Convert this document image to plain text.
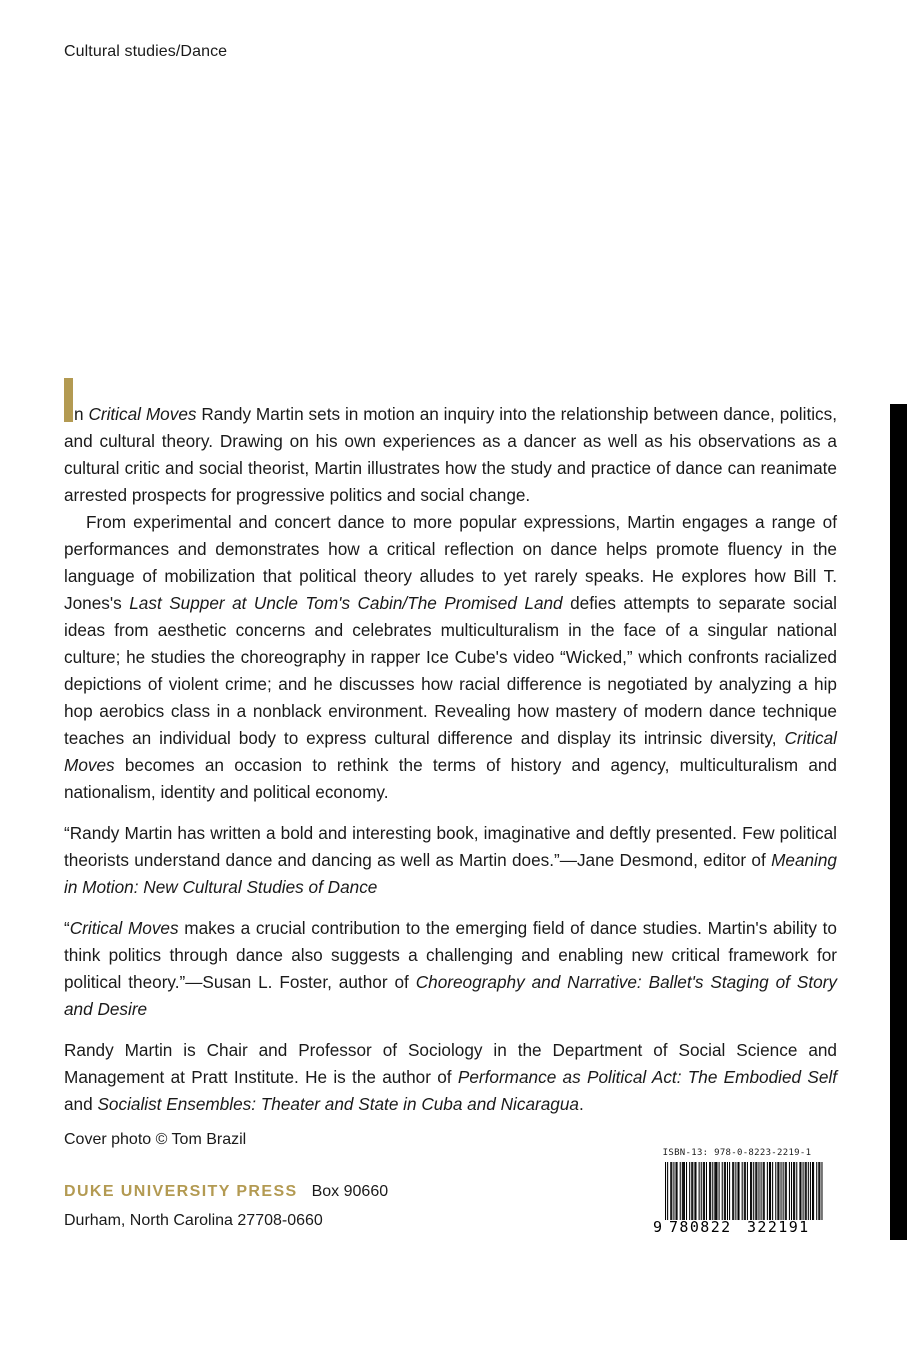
Cultural studies/Dance

n Critical Moves Randy Martin sets in motion an inquiry into the relationship between dance, politics, and cultural theory. Drawing on his own experiences as a dancer as well as his observations as a cultural critic and social theorist, Martin illustrates how the study and practice of dance can reanimate arrested prospects for progressive politics and social change.

From experimental and concert dance to more popular expressions, Martin engages a range of performances and demonstrates how a critical reflection on dance helps promote fluency in the language of mobilization that political theory alludes to yet rarely speaks. He explores how Bill T. Jones's Last Supper at Uncle Tom's Cabin/The Promised Land defies attempts to separate social ideas from aesthetic concerns and celebrates multiculturalism in the face of a singular national culture; he studies the choreography in rapper Ice Cube's video “Wicked,” which confronts racialized depictions of violent crime; and he discusses how racial difference is negotiated by analyzing a hip hop aerobics class in a nonblack environment. Revealing how mastery of modern dance technique teaches an individual body to express cultural difference and display its intrinsic diversity, Critical Moves becomes an occasion to rethink the terms of history and agency, multiculturalism and nationalism, identity and political economy.

“Randy Martin has written a bold and interesting book, imaginative and deftly presented. Few political theorists understand dance and dancing as well as Martin does.”—Jane Desmond, editor of Meaning in Motion: New Cultural Studies of Dance

“Critical Moves makes a crucial contribution to the emerging field of dance studies. Martin's ability to think politics through dance also suggests a challenging and enabling new critical framework for political theory.”—Susan L. Foster, author of Choreography and Narrative: Ballet's Staging of Story and Desire

Randy Martin is Chair and Professor of Sociology in the Department of Social Science and Management at Pratt Institute. He is the author of Performance as Political Act: The Embodied Self and Socialist Ensembles: Theater and State in Cuba and Nicaragua.

Cover photo © Tom Brazil
DUKE UNIVERSITY PRESS Box 90660
Durham, North Carolina 27708-0660
ISBN-13: 978-0-8223-2219-1
9 780822 322191
